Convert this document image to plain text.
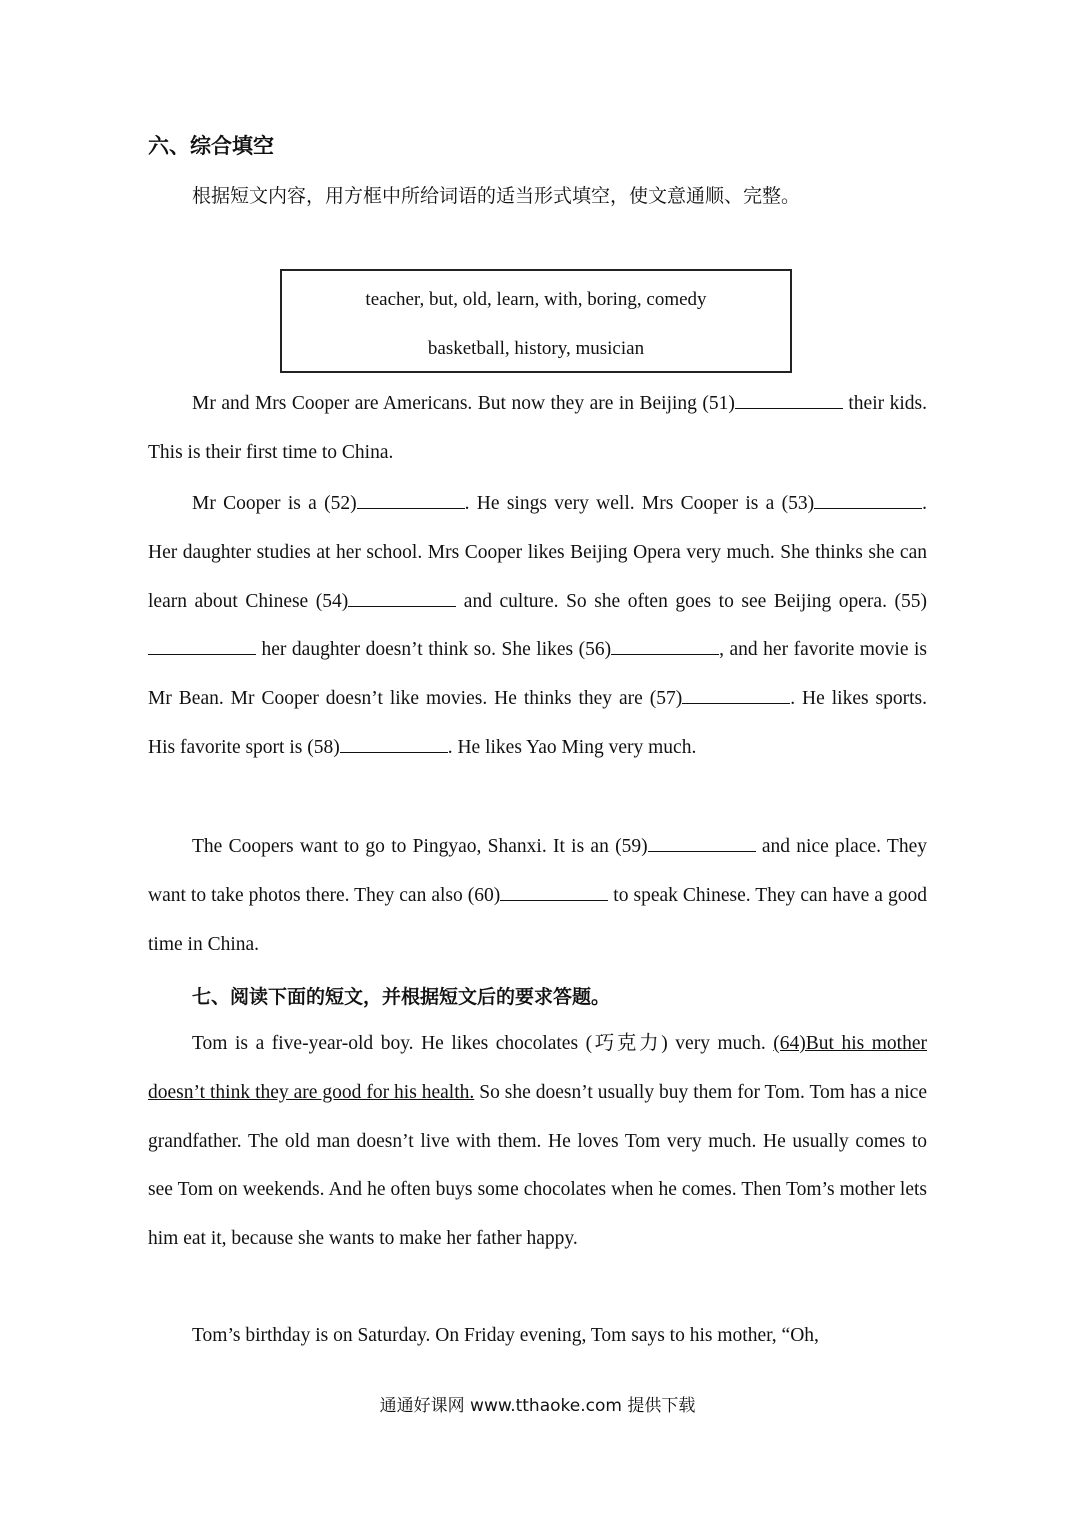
六、综合填空
根据短文内容，用方框中所给词语的适当形式填空，使文意通顺、完整。
teacher, but, old, learn, with, boring, comedy
basketball, history, musician

Mr and Mrs Cooper are Americans. But now they are in Beijing (51)	their kids. This is their first time to China.

Mr Cooper is a (52)	. He sings very well. Mrs Cooper is a (53)	. Her daughter studies at her school. Mrs Cooper likes Beijing Opera very much. She thinks she can learn about Chinese (54)	and culture. So she often goes to see Beijing opera. (55) her daughter doesn’t think so. She likes (56)	, and her favorite movie is Mr Bean. Mr Cooper doesn’t like movies. He thinks they are (57)	. He likes sports. His favorite sport is (58)	. He likes Yao Ming very much.

The Coopers want to go to Pingyao, Shanxi. It is an (59)	and nice place. They want to take photos there. They can also (60)	to speak Chinese. They can have a good time in China.

七、阅读下面的短文，并根据短文后的要求答题。

Tom is a five-year-old boy. He likes chocolates (巧克力) very much. (64)But his mother doesn’t think they are good for his health. So she doesn’t usually buy them for Tom. Tom has a nice grandfather. The old man doesn’t live with them. He loves Tom very much. He usually comes to see Tom on weekends. And he often buys some chocolates when he comes. Then Tom’s mother lets him eat it, because she wants to make her father happy.

Tom’s birthday is on Saturday. On Friday evening, Tom says to his mother, “Oh,

通通好课网 www.tthaoke.com 提供下载
